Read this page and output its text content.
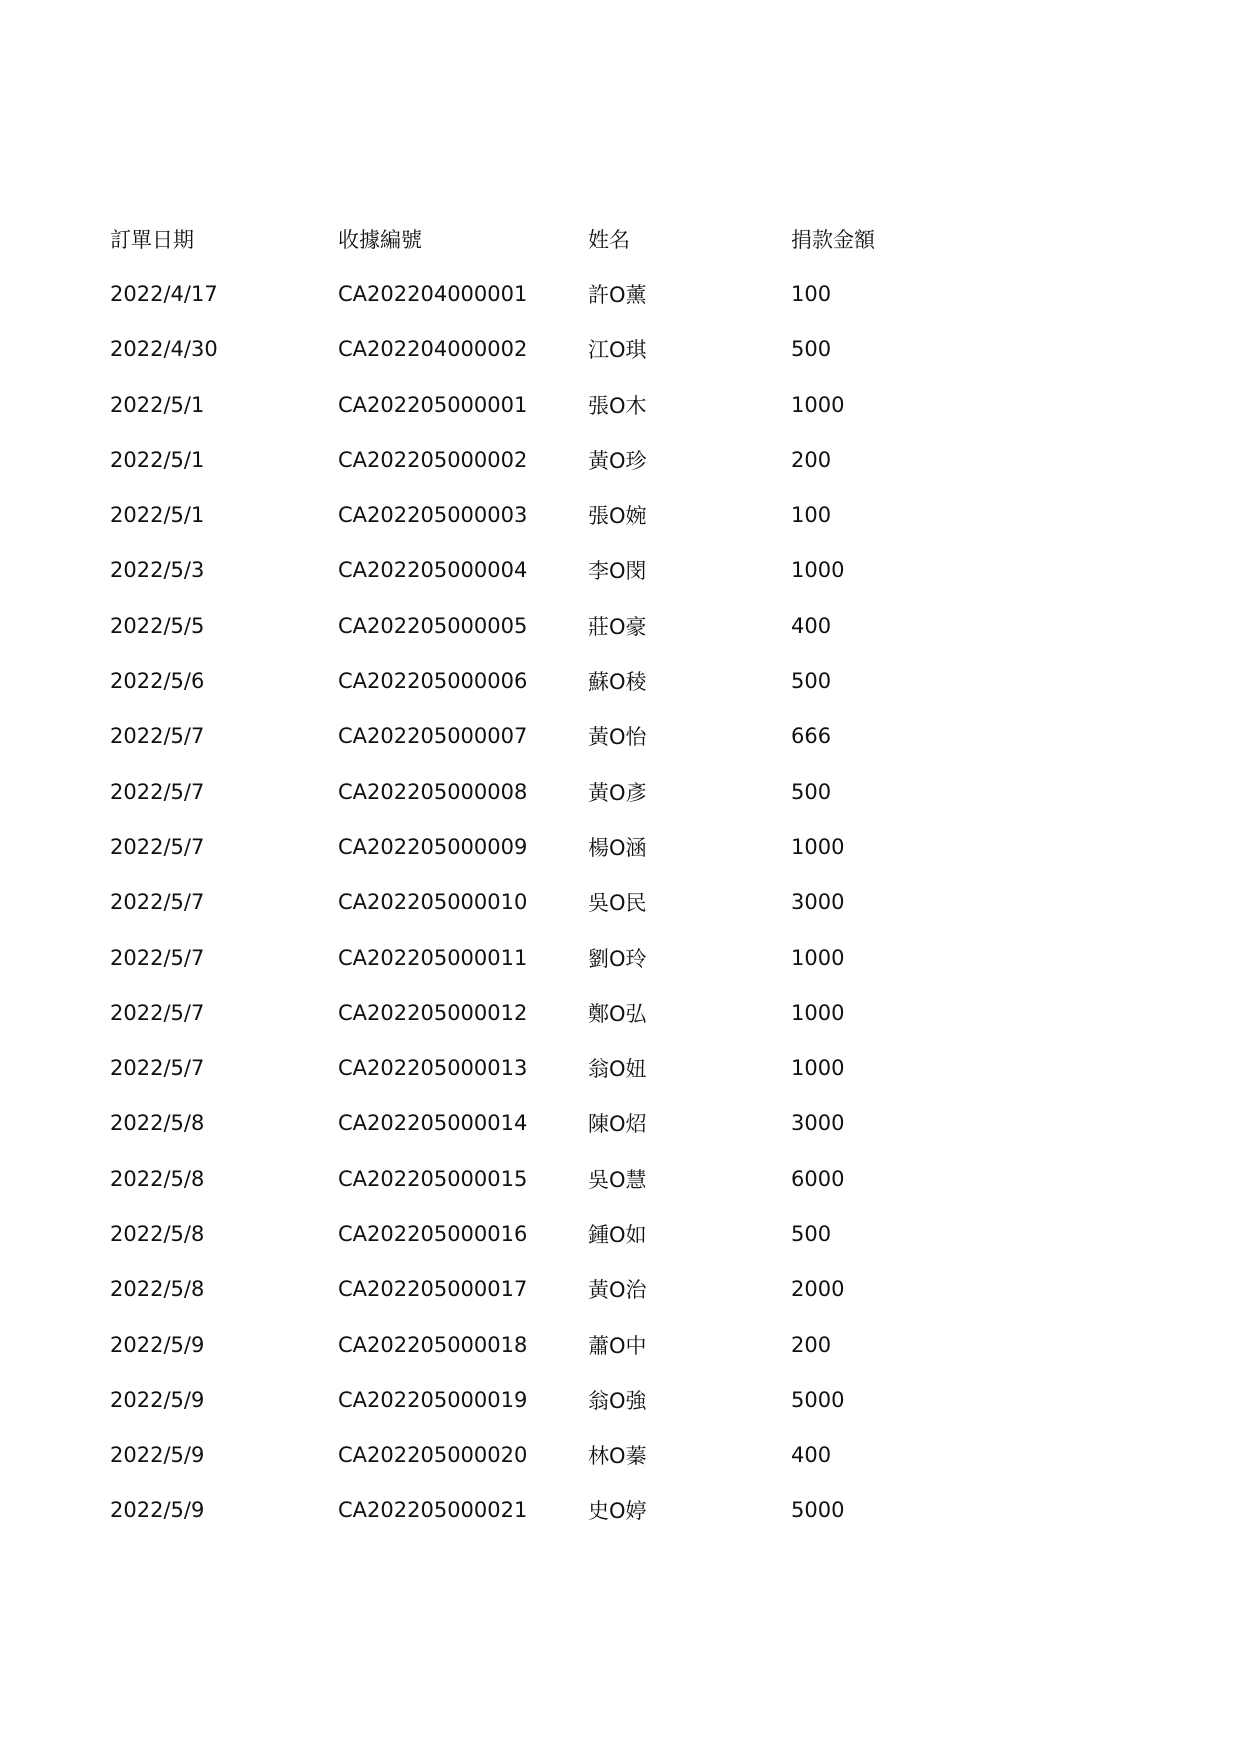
訂單日期	收據編號	姓名	捐款金額
2022/4/17	CA202204000001	許O薰	100
2022/4/30	CA202204000002	江O琪	500
2022/5/1	CA202205000001	張O木	1000
2022/5/1	CA202205000002	黃O珍	200
2022/5/1	CA202205000003	張O婉	100
2022/5/3	CA202205000004	李O閔	1000
2022/5/5	CA202205000005	莊O豪	400
2022/5/6	CA202205000006	蘇O稜	500
2022/5/7	CA202205000007	黃O怡	666
2022/5/7	CA202205000008	黃O彥	500
2022/5/7	CA202205000009	楊O涵	1000
2022/5/7	CA202205000010	吳O民	3000
2022/5/7	CA202205000011	劉O玲	1000
2022/5/7	CA202205000012	鄭O弘	1000
2022/5/7	CA202205000013	翁O妞	1000
2022/5/8	CA202205000014	陳O炤	3000
2022/5/8	CA202205000015	吳O慧	6000
2022/5/8	CA202205000016	鍾O如	500
2022/5/8	CA202205000017	黃O治	2000
2022/5/9	CA202205000018	蕭O中	200
2022/5/9	CA202205000019	翁O強	5000
2022/5/9	CA202205000020	林O蓁	400
2022/5/9	CA202205000021	史O婷	5000
